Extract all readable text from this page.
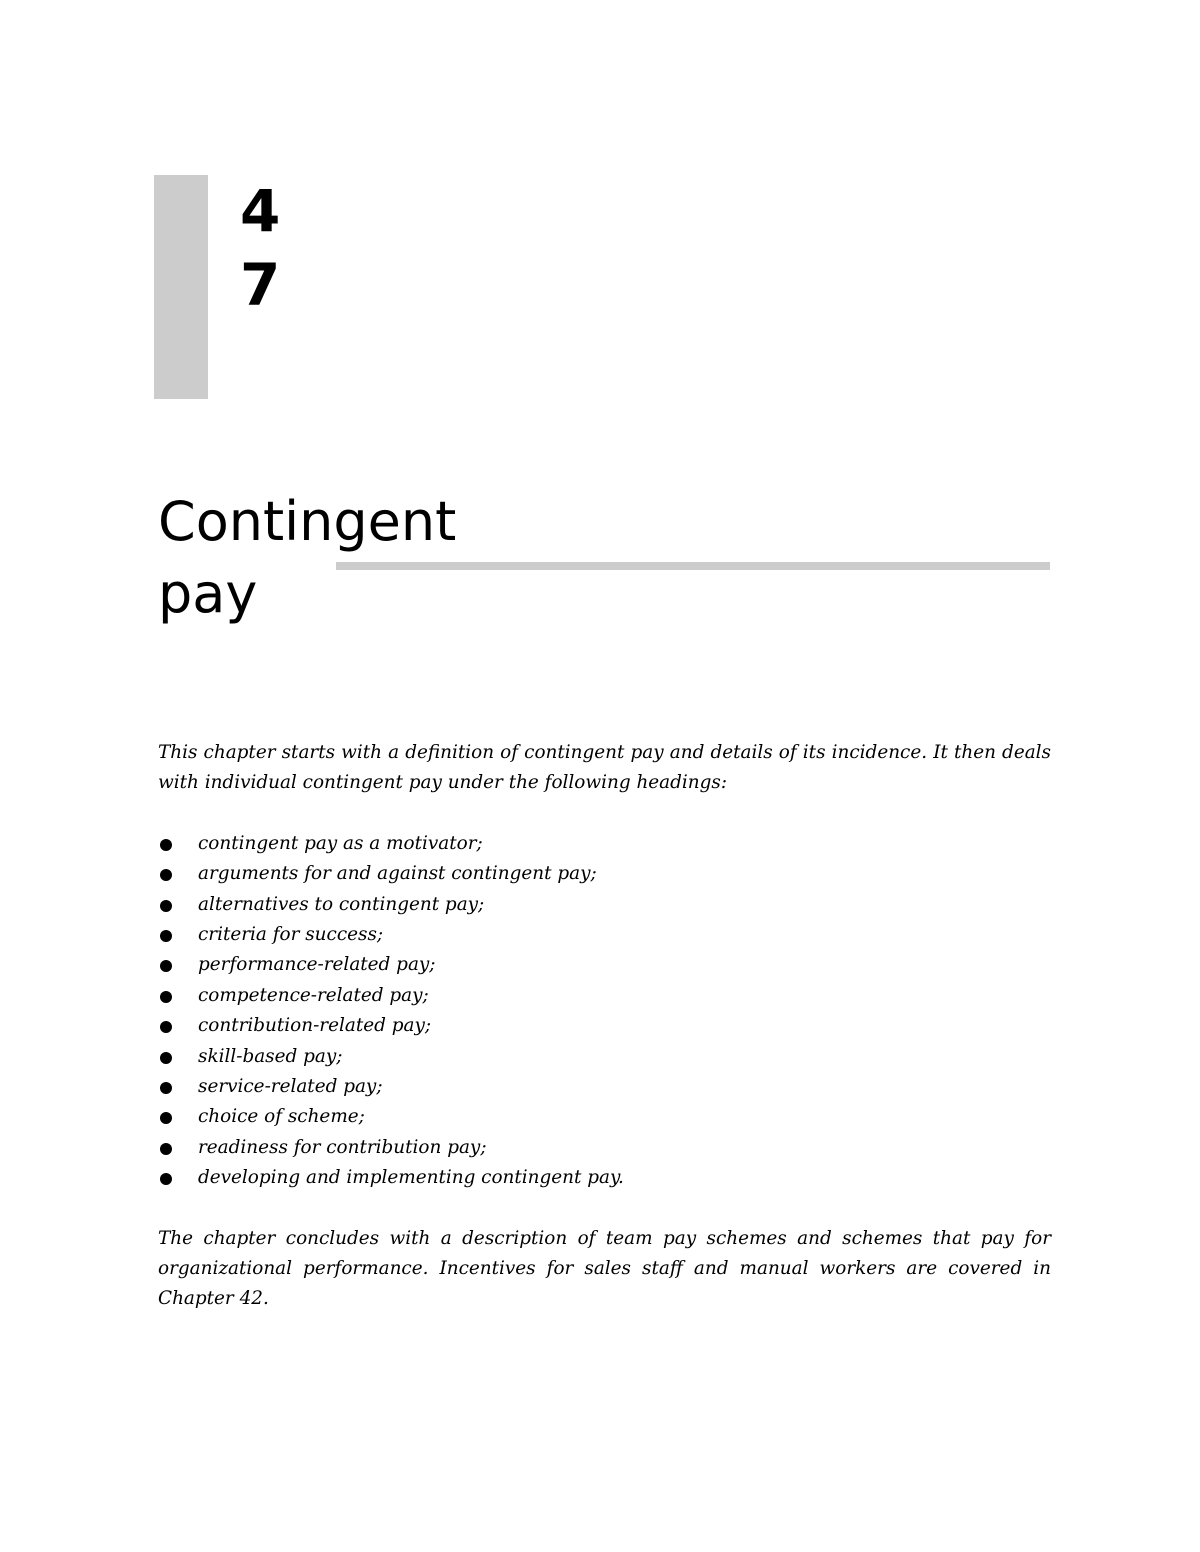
4
7
Contingent
pay

This chapter starts with a definition of contingent pay and details of its incidence. It then deals with individual contingent pay under the following headings:

contingent pay as a motivator;
arguments for and against contingent pay;
alternatives to contingent pay;
criteria for success;
performance-related pay;
competence-related pay;
contribution-related pay;
skill-based pay;
service-related pay;
choice of scheme;
readiness for contribution pay;
developing and implementing contingent pay.

The chapter concludes with a description of team pay schemes and schemes that pay for organizational performance. Incentives for sales staff and manual workers are covered in Chapter 42.
